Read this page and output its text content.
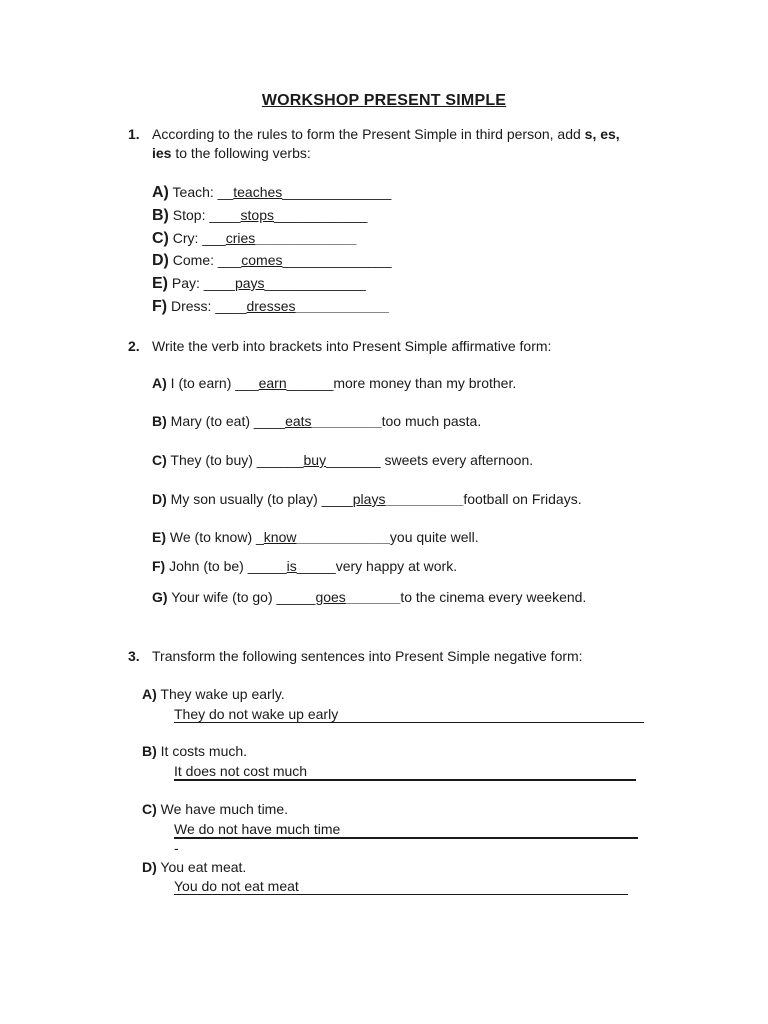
WORKSHOP PRESENT SIMPLE
1. According to the rules to form the Present Simple in third person, add s, es,
ies to the following verbs:
A) Teach: __teaches______________
B) Stop: ____stops____________
C) Cry: ___cries_____________
D) Come: ___comes______________
E) Pay: ____pays_____________
F) Dress: ____dresses____________
2. Write the verb into brackets into Present Simple affirmative form:
A) I (to earn) ___earn______more money than my brother.
B) Mary (to eat) ____eats_________too much pasta.
C) They (to buy) ______buy_______ sweets every afternoon.
D) My son usually (to play) ____plays__________football on Fridays.
E) We (to know) _know____________you quite well.
F) John (to be) _____is_____very happy at work.
G) Your wife (to go) _____goes_______to the cinema every weekend.
3. Transform the following sentences into Present Simple negative form:
A) They wake up early.
They do not wake up early
B) It costs much.
It does not cost much
C) We have much time.
We do not have much time
-
D) You eat meat.
You do not eat meat
